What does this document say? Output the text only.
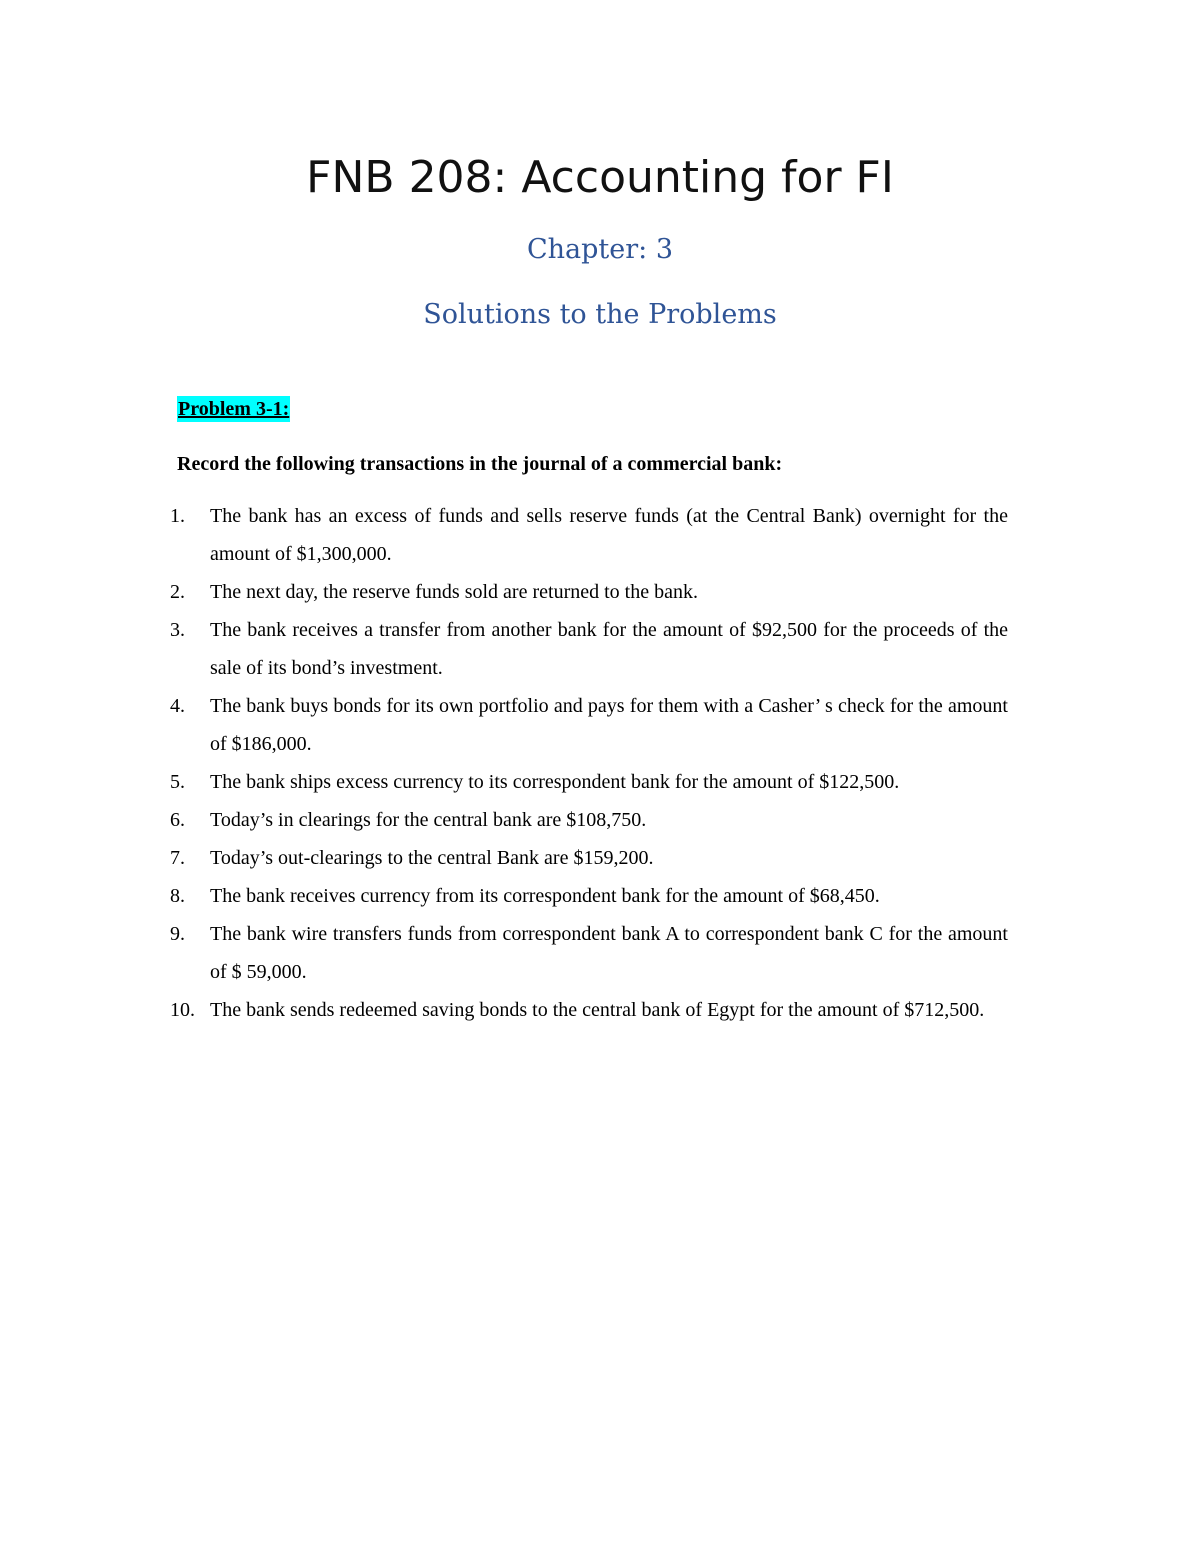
FNB 208: Accounting for FI
Chapter: 3
Solutions to the Problems
Problem 3-1:
Record the following transactions in the journal of a commercial bank:
1.	The bank has an excess of funds and sells reserve funds (at the Central Bank) overnight for the amount of $1,300,000.
2.	The next day, the reserve funds sold are returned to the bank.
3.	The bank receives a transfer from another bank for the amount of $92,500 for the proceeds of the sale of its bond’s investment.
4.	The bank buys bonds for its own portfolio and pays for them with a Casher’ s check for the amount of $186,000.
5.	The bank ships excess currency to its correspondent bank for the amount of $122,500.
6.	Today’s in clearings for the central bank are $108,750.
7.	Today’s out-clearings to the central Bank are $159,200.
8.	The bank receives currency from its correspondent bank for the amount of $68,450.
9.	The bank wire transfers funds from correspondent bank A to correspondent bank C for the amount of $ 59,000.
10. The bank sends redeemed saving bonds to the central bank of Egypt for the amount of $712,500.
